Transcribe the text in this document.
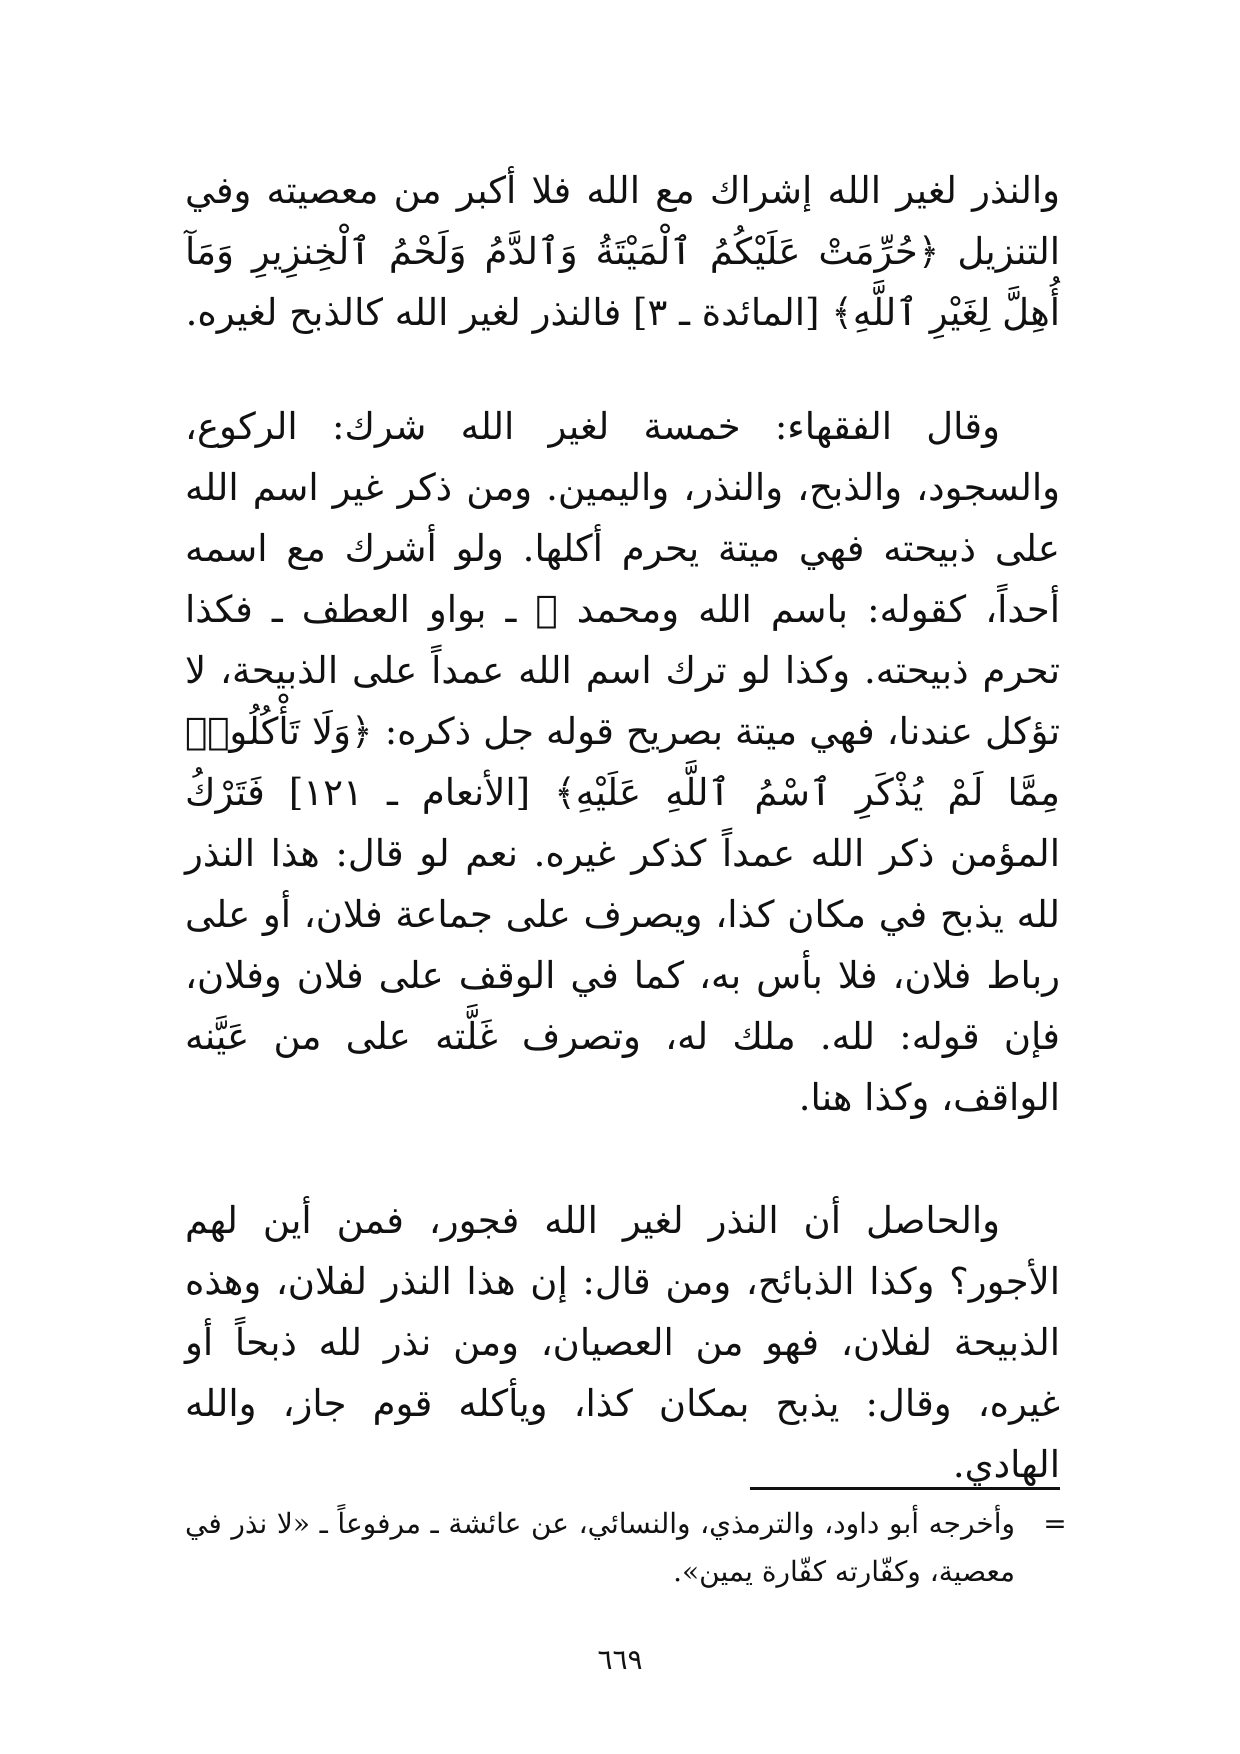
والنذر لغير الله إشراك مع الله فلا أكبر من معصيته وفي التنزيل ﴿حُرِّمَتْ عَلَيْكُمُ ٱلْمَيْتَةُ وَٱلدَّمُ وَلَحْمُ ٱلْخِنزِيرِ وَمَآ أُهِلَّ لِغَيْرِ ٱللَّهِ﴾ [المائدة ـ ٣] فالنذر لغير الله كالذبح لغيره.

وقال الفقهاء: خمسة لغير الله شرك: الركوع، والسجود، والذبح، والنذر، واليمين. ومن ذكر غير اسم الله على ذبيحته فهي ميتة يحرم أكلها. ولو أشرك مع اسمه أحداً، كقوله: باسم الله ومحمد ﷺ ـ بواو العطف ـ فكذا تحرم ذبيحته. وكذا لو ترك اسم الله عمداً على الذبيحة، لا تؤكل عندنا، فهي ميتة بصريح قوله جل ذكره: ﴿وَلَا تَأْكُلُوا۟ مِمَّا لَمْ يُذْكَرِ ٱسْمُ ٱللَّهِ عَلَيْهِ﴾ [الأنعام ـ ١٢١] فَتَرْكُ المؤمن ذكر الله عمداً كذكر غيره. نعم لو قال: هذا النذر لله يذبح في مكان كذا، ويصرف على جماعة فلان، أو على رباط فلان، فلا بأس به، كما في الوقف على فلان وفلان، فإن قوله: لله. ملك له، وتصرف غَلَّته على من عَيَّنه الواقف، وكذا هنا.

والحاصل أن النذر لغير الله فجور، فمن أين لهم الأجور؟ وكذا الذبائح، ومن قال: إن هذا النذر لفلان، وهذه الذبيحة لفلان، فهو من العصيان، ومن نذر لله ذبحاً أو غيره، وقال: يذبح بمكان كذا، ويأكله قوم جاز، والله الهادي.

=
وأخرجه أبو داود، والترمذي، والنسائي، عن عائشة ـ مرفوعاً ـ «لا نذر في معصية، وكفّارته كفّارة يمين».
٦٦٩
